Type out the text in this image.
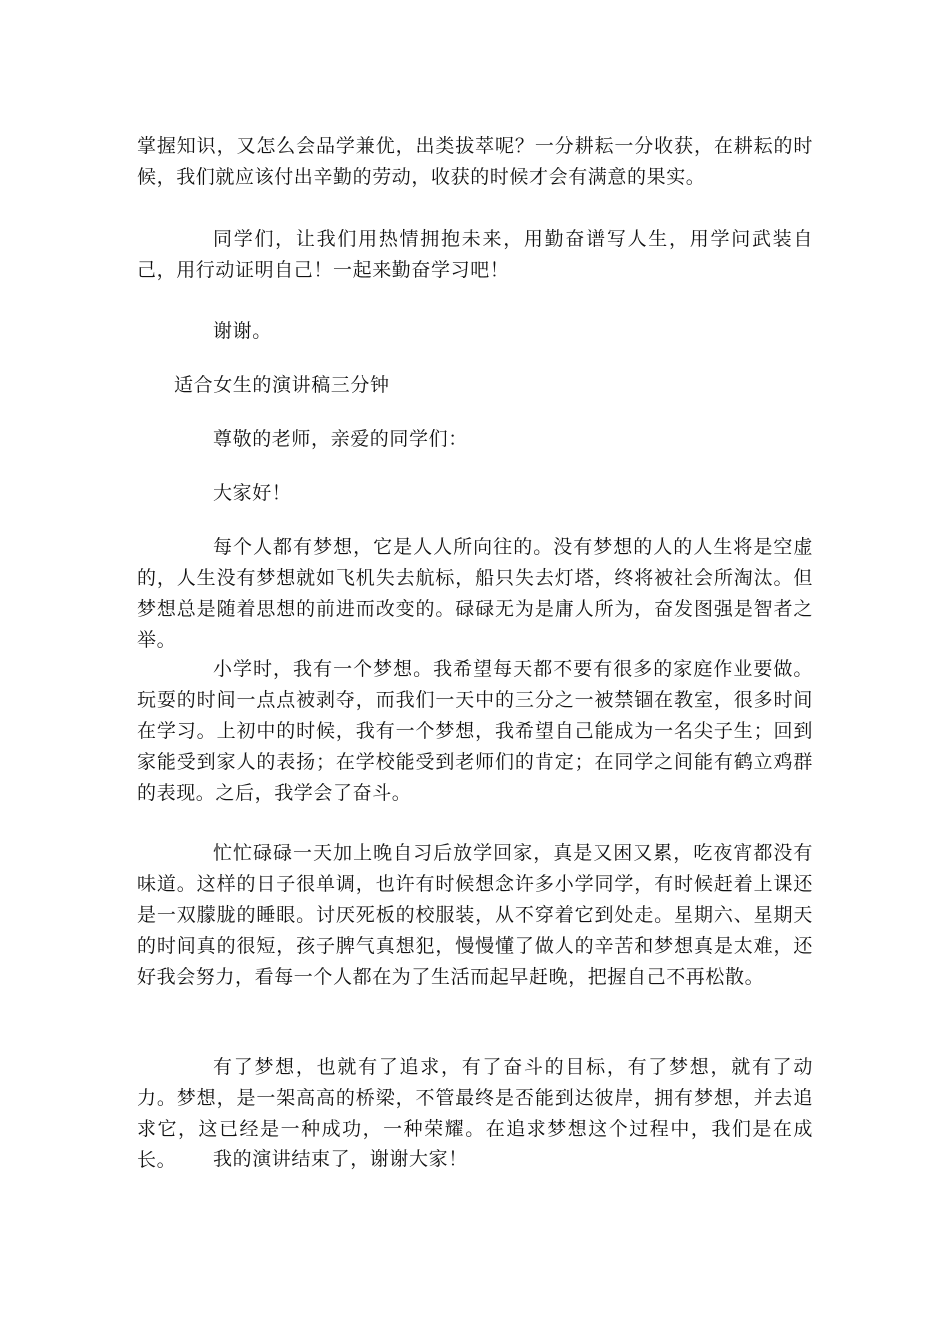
掌握知识，又怎么会品学兼优，出类拔萃呢？一分耕耘一分收获，在耕耘的时候，我们就应该付出辛勤的劳动，收获的时候才会有满意的果实。

同学们，让我们用热情拥抱未来，用勤奋谱写人生，用学问武装自己，用行动证明自己！一起来勤奋学习吧！

谢谢。

适合女生的演讲稿三分钟

尊敬的老师，亲爱的同学们：

大家好！

每个人都有梦想，它是人人所向往的。没有梦想的人的人生将是空虚的，人生没有梦想就如飞机失去航标，船只失去灯塔，终将被社会所淘汰。但梦想总是随着思想的前进而改变的。碌碌无为是庸人所为，奋发图强是智者之举。

小学时，我有一个梦想。我希望每天都不要有很多的家庭作业要做。玩耍的时间一点点被剥夺，而我们一天中的三分之一被禁锢在教室，很多时间在学习。上初中的时候，我有一个梦想，我希望自己能成为一名尖子生；回到家能受到家人的表扬；在学校能受到老师们的肯定；在同学之间能有鹤立鸡群的表现。之后，我学会了奋斗。

忙忙碌碌一天加上晚自习后放学回家，真是又困又累，吃夜宵都没有味道。这样的日子很单调，也许有时候想念许多小学同学，有时候赶着上课还是一双朦胧的睡眼。讨厌死板的校服装，从不穿着它到处走。星期六、星期天的时间真的很短，孩子脾气真想犯，慢慢懂了做人的辛苦和梦想真是太难，还好我会努力，看每一个人都在为了生活而起早赶晚，把握自己不再松散。

有了梦想，也就有了追求，有了奋斗的目标，有了梦想，就有了动力。梦想，是一架高高的桥梁，不管最终是否能到达彼岸，拥有梦想，并去追求它，这已经是一种成功，一种荣耀。在追求梦想这个过程中，我们是在成长。	我的演讲结束了，谢谢大家！
